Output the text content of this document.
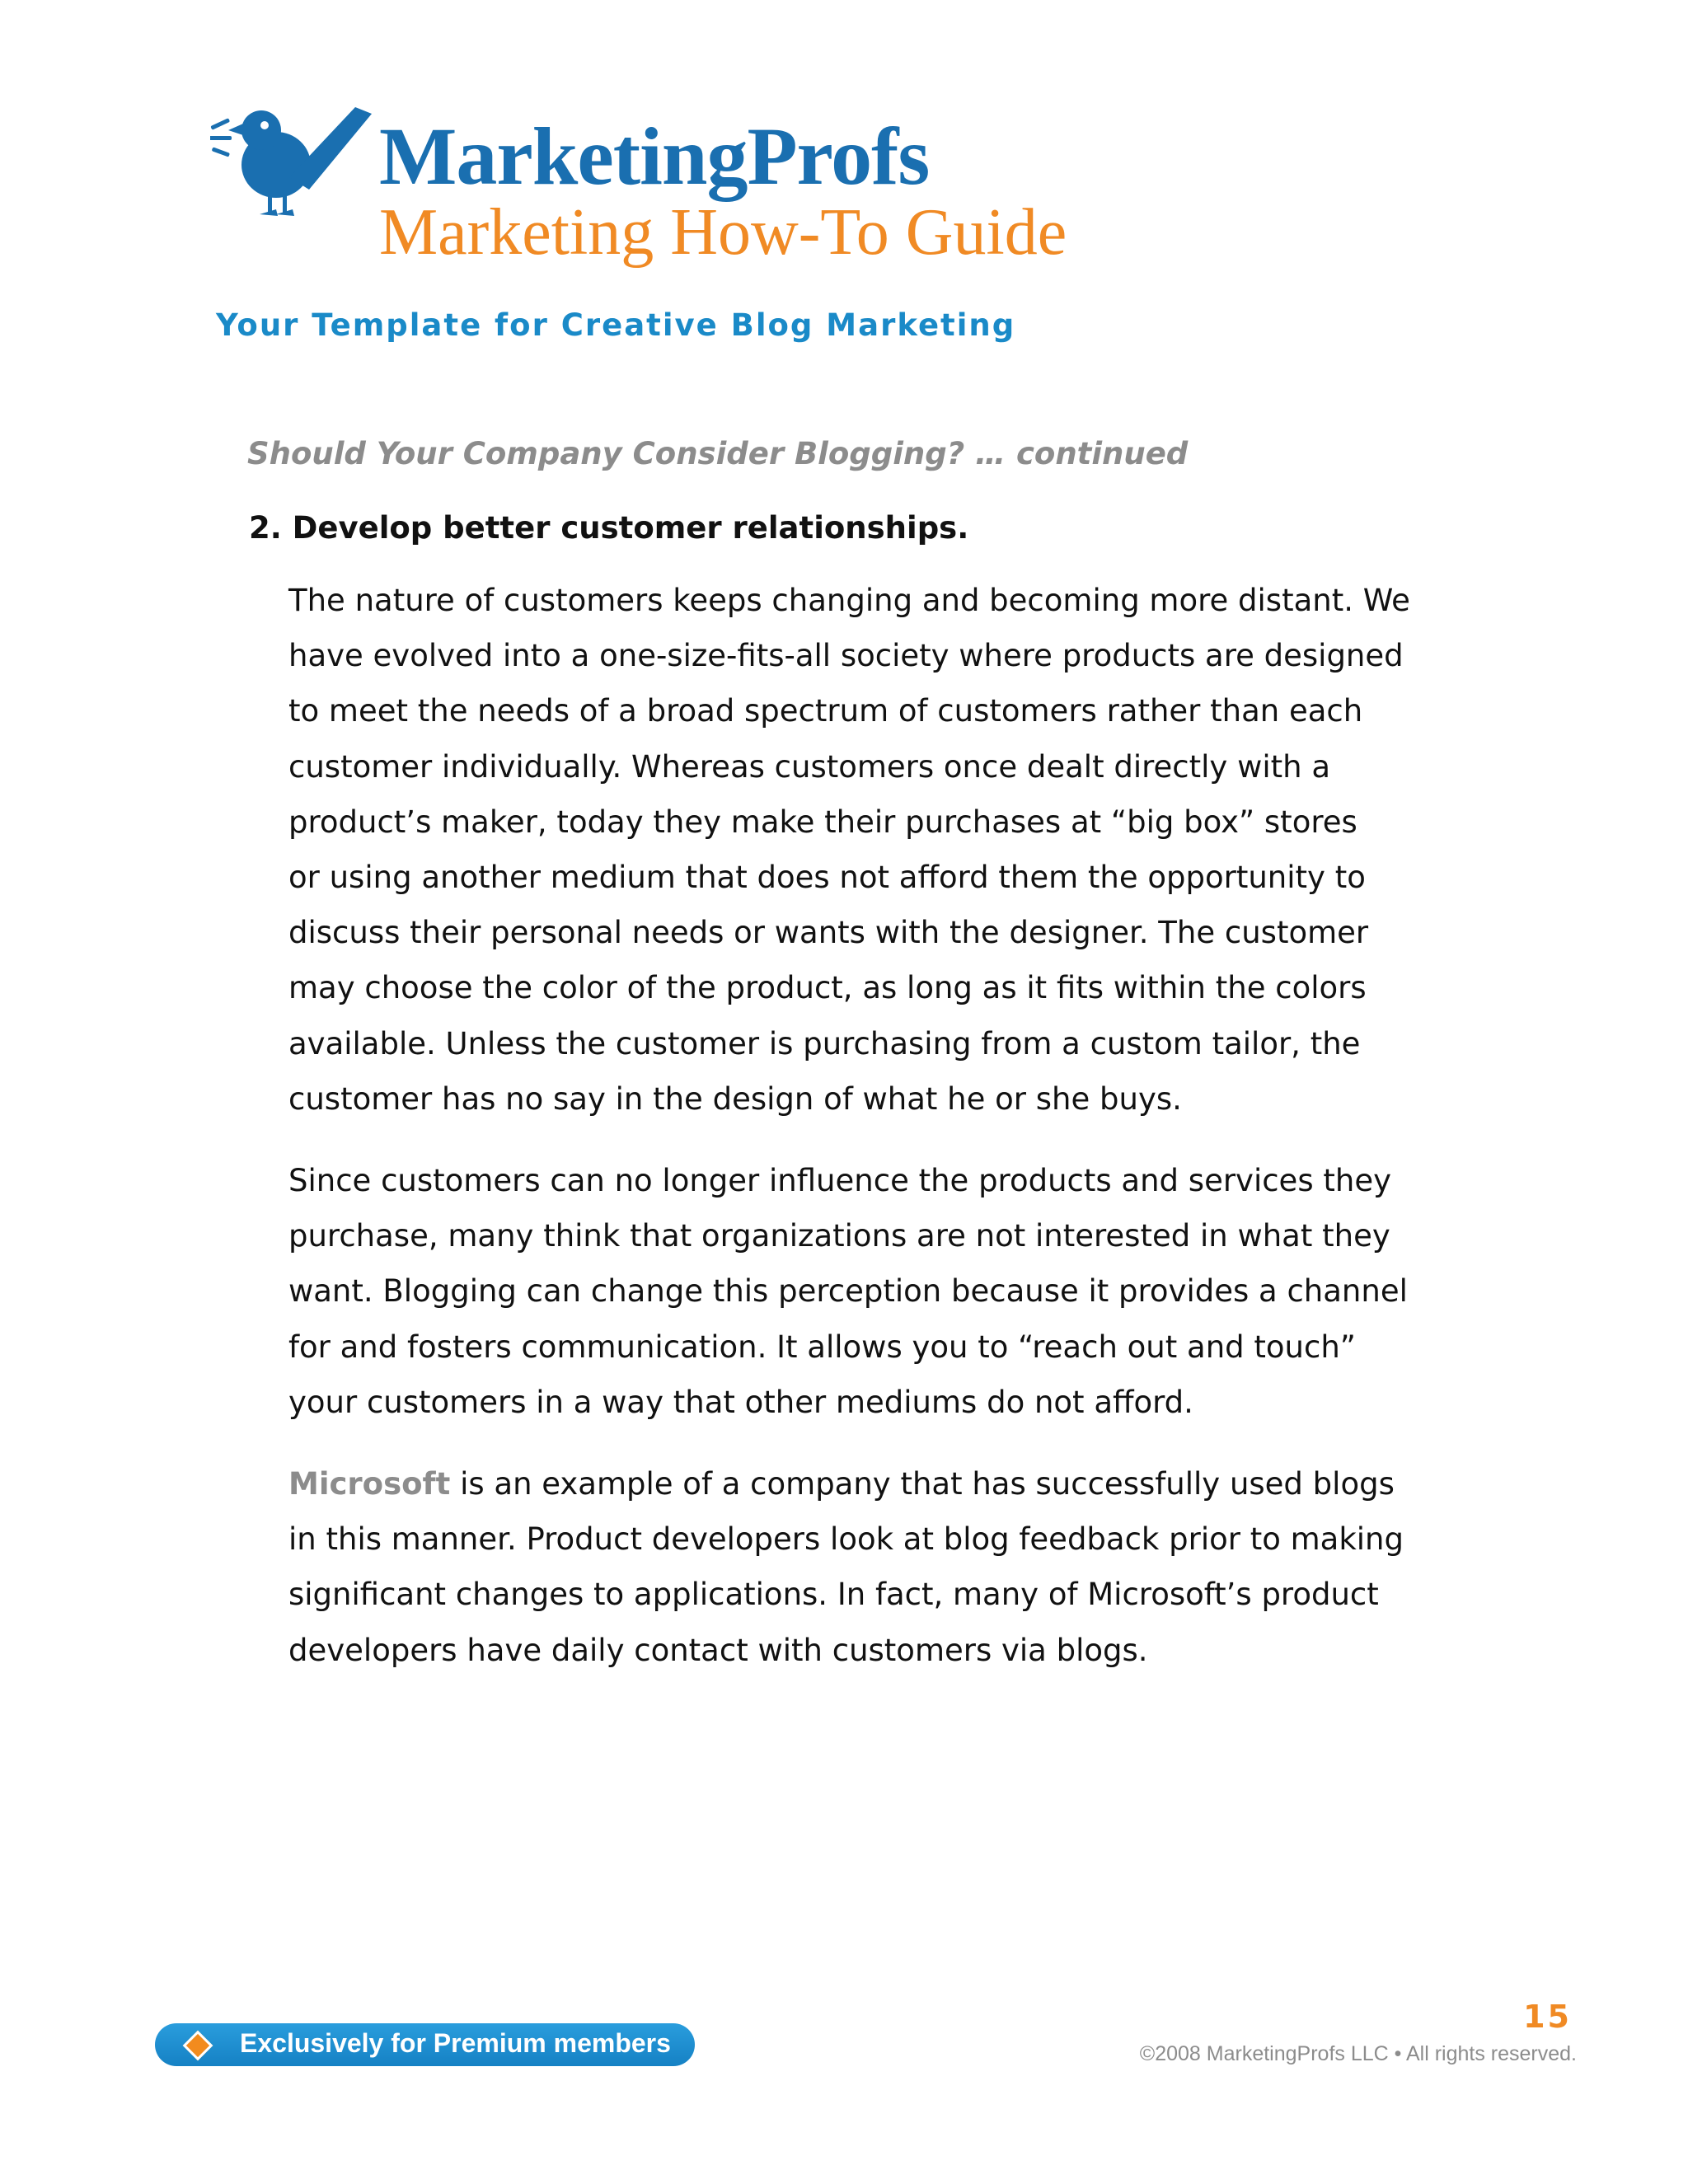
MarketingProfs
Marketing How-To Guide
Your Template for Creative Blog Marketing
Should Your Company Consider Blogging? … continued
2. Develop better customer relationships.

The nature of customers keeps changing and becoming more distant. We
have evolved into a one-size-fits-all society where products are designed
to meet the needs of a broad spectrum of customers rather than each
customer individually. Whereas customers once dealt directly with a
product’s maker, today they make their purchases at “big box” stores
or using another medium that does not afford them the opportunity to
discuss their personal needs or wants with the designer. The customer
may choose the color of the product, as long as it fits within the colors
available. Unless the customer is purchasing from a custom tailor, the
customer has no say in the design of what he or she buys.

Since customers can no longer influence the products and services they
purchase, many think that organizations are not interested in what they
want. Blogging can change this perception because it provides a channel
for and fosters communication. It allows you to “reach out and touch”
your customers in a way that other mediums do not afford.

Microsoft is an example of a company that has successfully used blogs
in this manner. Product developers look at blog feedback prior to making
significant changes to applications. In fact, many of Microsoft’s product
developers have daily contact with customers via blogs.

Exclusively for Premium members
15
©2008 MarketingProfs LLC • All rights reserved.
